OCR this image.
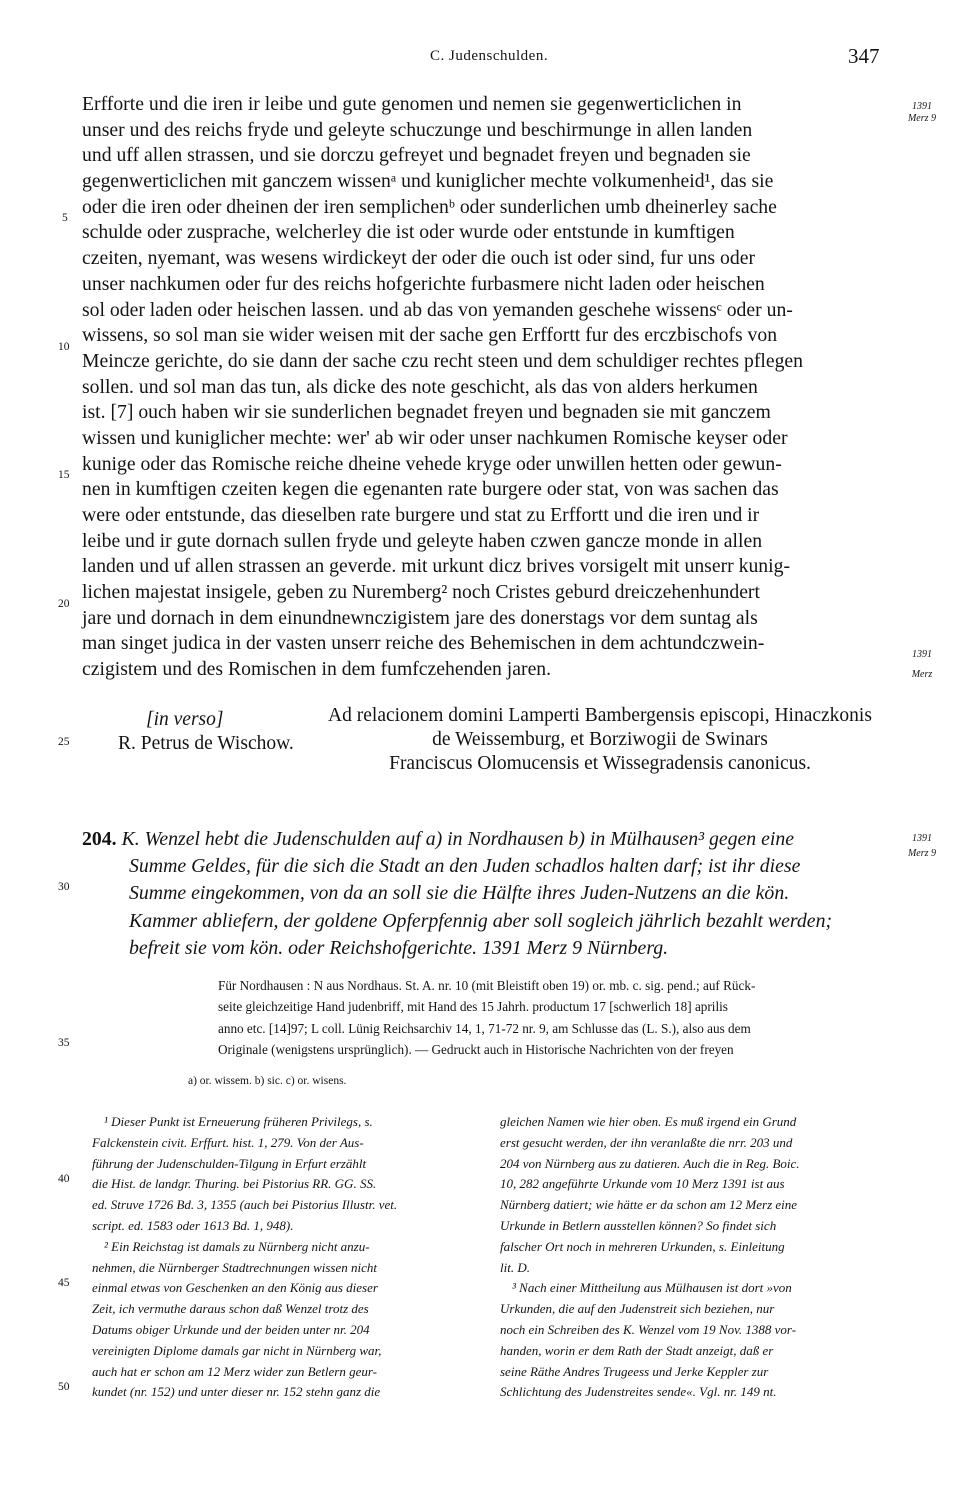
C. Judenschulden.	347
1391
Merz 9
1391
Merz
1391
Merz 9
5
10
15
20
25
30
35
40
45
50
Erfforte und die iren ir leibe und gute genomen und nemen sie gegenwerticlichen in
unser und des reichs fryde und geleyte schuczunge und beschirmunge in allen landen
und uff allen strassen, und sie dorczu gefreyet und begnadet freyen und begnaden sie
gegenwerticlichen mit ganczem wissenᵃ und kuniglicher mechte volkumenheid¹, das sie
oder die iren oder dheinen der iren semplichenᵇ oder sunderlichen umb dheinerley sache
schulde oder zusprache, welcherley die ist oder wurde oder entstunde in kumftigen
czeiten, nyemant, was wesens wirdickeyt der oder die ouch ist oder sind, fur uns oder
unser nachkumen oder fur des reichs hofgerichte furbasmere nicht laden oder heischen
sol oder laden oder heischen lassen. und ab das von yemanden geschehe wissensᶜ oder un-
wissens, so sol man sie wider weisen mit der sache gen Erffortt fur des erczbischofs von
Meincze gerichte, do sie dann der sache czu recht steen und dem schuldiger rechtes pflegen
sollen. und sol man das tun, als dicke des note geschicht, als das von alders herkumen
ist. [7] ouch haben wir sie sunderlichen begnadet freyen und begnaden sie mit ganczem
wissen und kuniglicher mechte: wer' ab wir oder unser nachkumen Romische keyser oder
kunige oder das Romische reiche dheine vehede kryge oder unwillen hetten oder gewun-
nen in kumftigen czeiten kegen die egenanten rate burgere oder stat, von was sachen das
were oder entstunde, das dieselben rate burgere und stat zu Erffortt und die iren und ir
leibe und ir gute dornach sullen fryde und geleyte haben czwen gancze monde in allen
landen und uf allen strassen an geverde. mit urkunt dicz brives vorsigelt mit unserr kunig-
lichen majestat insigele, geben zu Nuremberg² noch Cristes geburd dreiczehenhundert
jare und dornach in dem einundnewnczigistem jare des donerstags vor dem suntag als
man singet judica in der vasten unserr reiche des Behemischen in dem achtundczwein-
czigistem und des Romischen in dem fumfczehenden jaren.
[in verso]
R. Petrus de Wischow.
Ad relacionem domini Lamperti Bambergensis episcopi, Hinaczkonis
de Weissemburg, et Borziwogii de Swinars
Franciscus Olomucensis et Wissegradensis canonicus.
204. K. Wenzel hebt die Judenschulden auf a) in Nordhausen b) in Mülhausen³ gegen eine
Summe Geldes, für die sich die Stadt an den Juden schadlos halten darf; ist ihr diese
Summe eingekommen, von da an soll sie die Hälfte ihres Juden-Nutzens an die kön.
Kammer abliefern, der goldene Opferpfennig aber soll sogleich jährlich bezahlt werden;
befreit sie vom kön. oder Reichshofgerichte. 1391 Merz 9 Nürnberg.
Für Nordhausen : N aus Nordhaus. St. A. nr. 10 (mit Bleistift oben 19) or. mb. c. sig. pend.; auf Rück-
seite gleichzeitige Hand judenbriff, mit Hand des 15 Jahrh. productum 17 [schwerlich 18] aprilis
anno etc. [14]97; L coll. Lünig Reichsarchiv 14, 1, 71-72 nr. 9, am Schlusse das (L. S.), also aus dem
Originale (wenigstens ursprünglich). — Gedruckt auch in Historische Nachrichten von der freyen
a) or. wissem. b) sic. c) or. wisens.
¹ Dieser Punkt ist Erneuerung früheren Privilegs, s.
Falckenstein civit. Erffurt. hist. 1, 279. Von der Aus-
führung der Judenschulden-Tilgung in Erfurt erzählt
die Hist. de landgr. Thuring. bei Pistorius RR. GG. SS.
ed. Struve 1726 Bd. 3, 1355 (auch bei Pistorius Illustr. vet.
script. ed. 1583 oder 1613 Bd. 1, 948).
² Ein Reichstag ist damals zu Nürnberg nicht anzu-
nehmen, die Nürnberger Stadtrechnungen wissen nicht
einmal etwas von Geschenken an den König aus dieser
Zeit, ich vermuthe daraus schon daß Wenzel trotz des
Datums obiger Urkunde und der beiden unter nr. 204
vereinigten Diplome damals gar nicht in Nürnberg war,
auch hat er schon am 12 Merz wider zun Betlern geur-
kundet (nr. 152) und unter dieser nr. 152 stehn ganz die
gleichen Namen wie hier oben. Es muß irgend ein Grund
erst gesucht werden, der ihn veranlaßte die nrr. 203 und
204 von Nürnberg aus zu datieren. Auch die in Reg. Boic.
10, 282 angeführte Urkunde vom 10 Merz 1391 ist aus
Nürnberg datiert; wie hätte er da schon am 12 Merz eine
Urkunde in Betlern ausstellen können? So findet sich
falscher Ort noch in mehreren Urkunden, s. Einleitung
lit. D.
³ Nach einer Mittheilung aus Mülhausen ist dort »von
Urkunden, die auf den Judenstreit sich beziehen, nur
noch ein Schreiben des K. Wenzel vom 19 Nov. 1388 vor-
handen, worin er dem Rath der Stadt anzeigt, daß er
seine Räthe Andres Trugeess und Jerke Keppler zur
Schlichtung des Judenstreites sende«. Vgl. nr. 149 nt.
